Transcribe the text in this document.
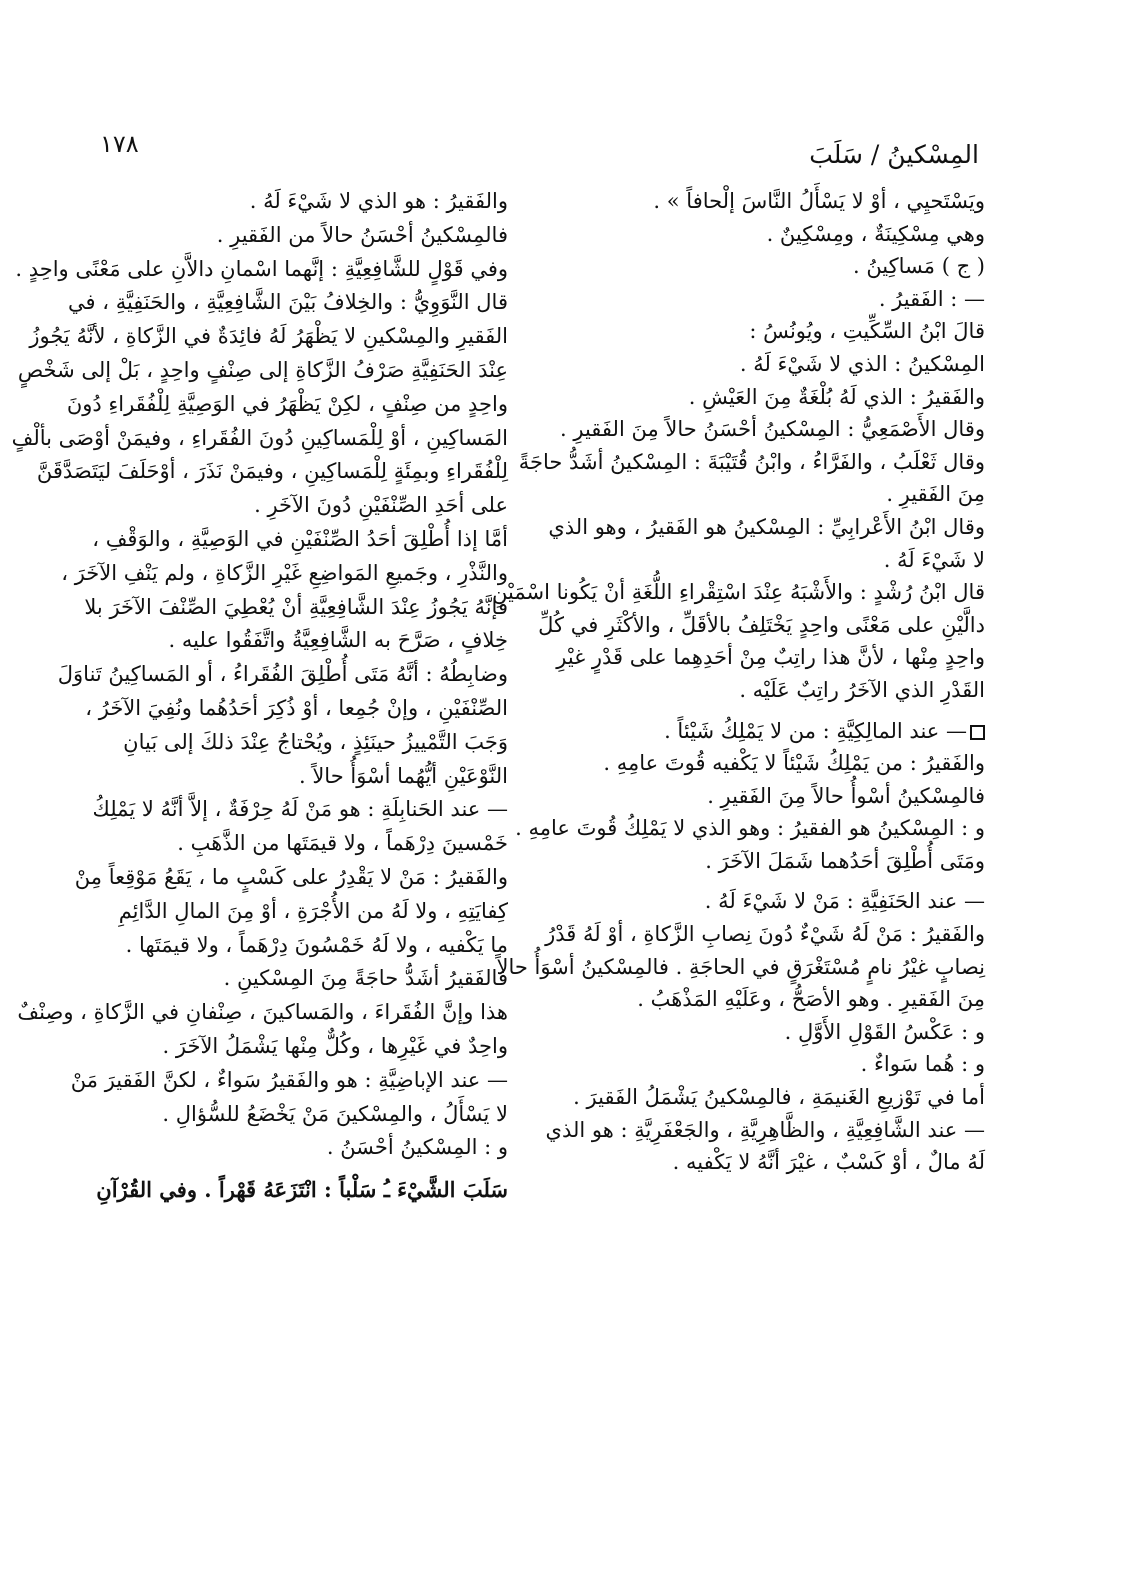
١٧٨	المِسْكينُ / سَلَبَ
ويَسْتَحيِي ، أوْ لا يَسْأَلُ النَّاسَ إلْحافاً » .
وهي مِسْكِينَةٌ ، ومِسْكِينٌ .
( ج ) مَساكِينُ .
— : الفَقيرُ .
قالَ ابْنُ السِّكِّيتِ ، ويُونُسُ :
المِسْكينُ : الذي لا شَيْءَ لَهُ .
والفَقيرُ : الذي لَهُ بُلْغَةٌ مِنَ العَيْشِ .
وقال الأَصْمَعِيُّ : المِسْكينُ أحْسَنُ حالاً مِنَ الفَقيرِ .
وقال ثَعْلَبُ ، والفَرَّاءُ ، وابْنُ قُتَيْبَةَ : المِسْكينُ أشَدُّ حاجَةً
مِنَ الفَقيرِ .
وقال ابْنُ الأَعْرابِيِّ : المِسْكينُ هو الفَقيرُ ، وهو الذي
لا شَيْءَ لَهُ .
قال ابْنُ رُشْدٍ : والأَشْبَهُ عِنْدَ اسْتِقْراءِ اللُّغَةِ أنْ يَكُونا اسْمَيْنِ
دالَّيْنِ على مَعْنًى واحِدٍ يَخْتَلِفُ بالأقَلِّ ، والأكْثَرِ في كُلِّ
واحِدٍ مِنْها ، لأنَّ هذا راتِبٌ مِنْ أحَدِهِما على قَدْرٍ غيْرِ
القَدْرِ الذي الآخَرُ راتِبٌ عَلَيْه .
— عند المالِكِيَّةِ : من لا يَمْلِكُ شَيْئاً .
والفَقيرُ : من يَمْلِكُ شَيْئاً لا يَكْفيه قُوتَ عامِهِ .
فالمِسْكينُ أسْوأُ حالاً مِنَ الفَقيرِ .
و : المِسْكينُ هو الفقيرُ : وهو الذي لا يَمْلِكُ قُوتَ عامِهِ .
ومَتَى أُطْلِقَ أحَدُهما شَمَلَ الآخَرَ .
— عند الحَنَفِيَّةِ : مَنْ لا شَيْءَ لَهُ .
والفَقيرُ : مَنْ لَهُ شَيْءٌ دُونَ نِصابِ الزَّكاةِ ، أوْ لَهُ قَدْرُ
نِصابٍ غيْرُ نامٍ مُسْتَغْرَقٍ في الحاجَةِ . فالمِسْكينُ أسْوَأُ حالاً
مِنَ الفَقيرِ . وهو الأصَحُّ ، وعَلَيْهِ المَذْهَبُ .
و : عَكْسُ القَوْلِ الأَوَّلِ .
و : هُما سَواءٌ .
أما في تَوْزيعِ الغَنيمَةِ ، فالمِسْكينُ يَشْمَلُ الفَقيرَ .
— عند الشَّافِعِيَّةِ ، والظَّاهِرِيَّةِ ، والجَعْفَرِيَّةِ : هو الذي
لَهُ مالٌ ، أوْ كَسْبٌ ، غيْرَ أنَّهُ لا يَكْفيه .
والفَقيرُ : هو الذي لا شَيْءَ لَهُ .
فالمِسْكينُ أحْسَنُ حالاً من الفَقيرِ .
وفي قَوْلٍ للشَّافِعِيَّةِ : إنَّهما اسْمانِ دالاَّنِ على مَعْنًى واحِدٍ .
قال النَّوَوِيُّ : والخِلافُ بَيْنَ الشَّافِعِيَّةِ ، والحَنَفِيَّةِ ، في
الفَقيرِ والمِسْكينِ لا يَظْهَرُ لَهُ فائِدَةٌ في الزَّكاةِ ، لأنَّهُ يَجُوزُ
عِنْدَ الحَنَفِيَّةِ صَرْفُ الزَّكاةِ إلى صِنْفٍ واحِدٍ ، بَلْ إلى شَخْصٍ
واحِدٍ من صِنْفٍ ، لكِنْ يَظْهَرُ في الوَصِيَّةِ لِلْفُقَراءِ دُونَ
المَساكِينِ ، أوْ لِلْمَساكِينِ دُونَ الفُقَراءِ ، وفيمَنْ أوْصَى بألْفٍ
لِلْفُقَراءِ وبمِئَةٍ لِلْمَساكِينِ ، وفيمَنْ نَذَرَ ، أوْحَلَفَ ليَتَصَدَّقَنَّ
على أحَدِ الصِّنْفَيْنِ دُونَ الآخَرِ .
أمَّا إذا أُطْلِقَ أحَدُ الصِّنْفَيْنِ في الوَصِيَّةِ ، والوَقْفِ ،
والنَّذْرِ ، وجَميعِ المَواضِعِ غَيْرِ الزَّكاةِ ، ولم يَنْفِ الآخَرَ ،
فإنَّهُ يَجُوزُ عِنْدَ الشَّافِعِيَّةِ أنْ يُعْطِيَ الصِّنْفَ الآخَرَ بلا
خِلافٍ ، صَرَّحَ به الشَّافِعِيَّةُ واتَّفَقُوا عليه .
وضابِطُهُ : أنَّهُ مَتَى أُطْلِقَ الفُقَراءُ ، أو المَساكِينُ تَناوَلَ
الصِّنْفَيْنِ ، وإنْ جُمِعا ، أوْ ذُكِرَ أحَدُهُما ونُفِيَ الآخَرُ ،
وَجَبَ التَّمْييزُ حينَئِذٍ ، ويُحْتاجُ عِنْدَ ذلكَ إلى بَيانِ
النَّوْعَيْنِ أيُّهُما أسْوَأُ حالاً .
— عند الحَنابِلَةِ : هو مَنْ لَهُ حِرْفَةٌ ، إلاَّ أنَّهُ لا يَمْلِكُ
خَمْسينَ دِرْهَماً ، ولا قيمَتَها من الذَّهَبِ .
والفَقيرُ : مَنْ لا يَقْدِرُ على كَسْبٍ ما ، يَقَعُ مَوْقِعاً مِنْ
كِفايَتِهِ ، ولا لَهُ من الأُجْرَةِ ، أوْ مِنَ المالِ الدَّائِمِ
ما يَكْفيه ، ولا لَهُ خَمْسُونَ دِرْهَماً ، ولا قيمَتَها .
فالفَقيرُ أشَدُّ حاجَةً مِنَ المِسْكينِ .
هذا وإنَّ الفُقَراءَ ، والمَساكينَ ، صِنْفانِ في الزَّكاةِ ، وصِنْفٌ
واحِدٌ في غَيْرِها ، وكُلٌّ مِنْها يَشْمَلُ الآخَرَ .
— عند الإباضِيَّةِ : هو والفَقيرُ سَواءٌ ، لكنَّ الفَقيرَ مَنْ
لا يَسْأَلُ ، والمِسْكينَ مَنْ يَخْضَعُ للسُّؤالِ .
و : المِسْكينُ أحْسَنُ .
سَلَبَ الشَّيْءَ ـُ سَلْباً : انْتَزَعَهُ قَهْراً . وفي القُرْآنِ
